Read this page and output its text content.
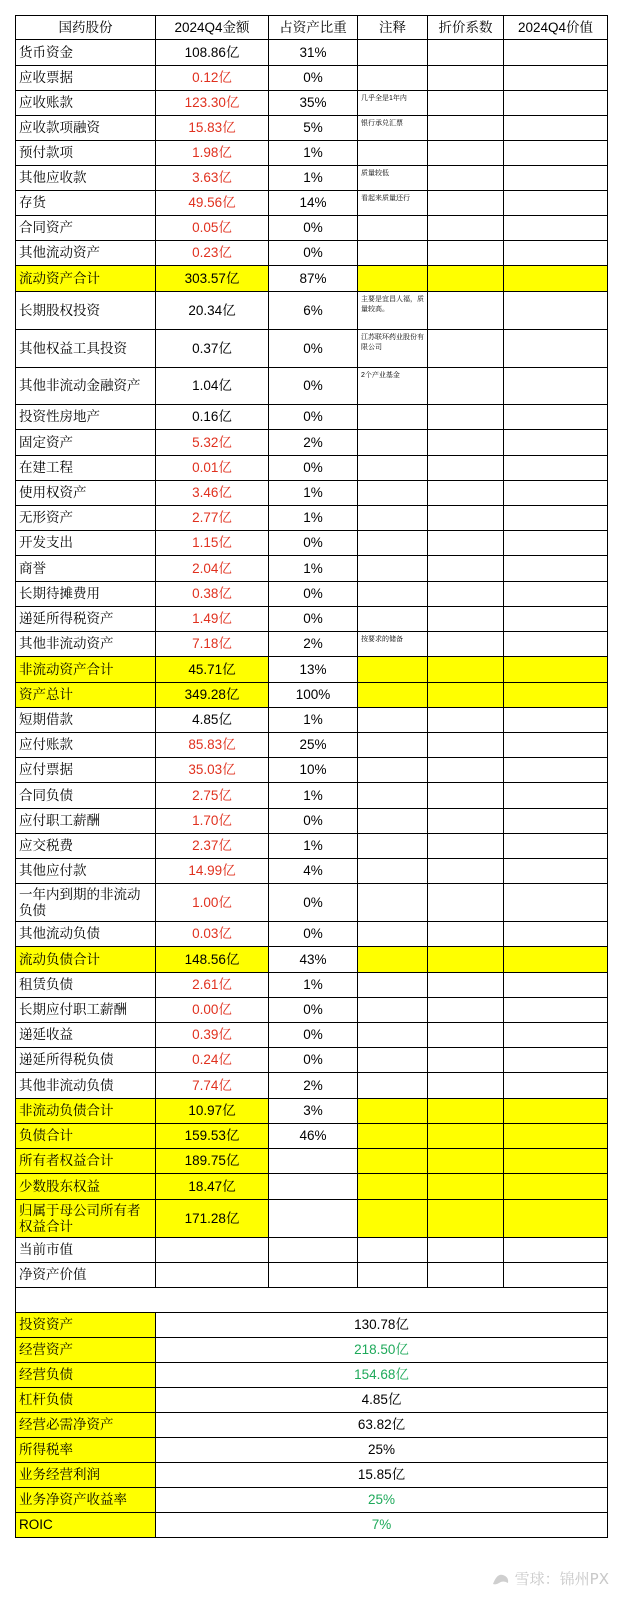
国药股份	2024Q4金额	占资产比重	注释	折价系数	2024Q4价值
货币资金	108.86亿	31%			
应收票据	0.12亿	0%			
应收账款	123.30亿	35%	几乎全是1年内		
应收款项融资	15.83亿	5%	银行承兑汇票		
预付款项	1.98亿	1%			
其他应收款	3.63亿	1%	质量较低		
存货	49.56亿	14%	看起来质量还行		
合同资产	0.05亿	0%			
其他流动资产	0.23亿	0%			
流动资产合计	303.57亿	87%			
长期股权投资	20.34亿	6%	主要是宜昌人福，质量较高。		
其他权益工具投资	0.37亿	0%	江苏联环药业股份有限公司		
其他非流动金融资产	1.04亿	0%	2个产业基金		
投资性房地产	0.16亿	0%			
固定资产	5.32亿	2%			
在建工程	0.01亿	0%			
使用权资产	3.46亿	1%			
无形资产	2.77亿	1%			
开发支出	1.15亿	0%			
商誉	2.04亿	1%			
长期待摊费用	0.38亿	0%			
递延所得税资产	1.49亿	0%			
其他非流动资产	7.18亿	2%	按要求的储备		
非流动资产合计	45.71亿	13%			
资产总计	349.28亿	100%			
短期借款	4.85亿	1%			
应付账款	85.83亿	25%			
应付票据	35.03亿	10%			
合同负债	2.75亿	1%			
应付职工薪酬	1.70亿	0%			
应交税费	2.37亿	1%			
其他应付款	14.99亿	4%			
一年内到期的非流动负债	1.00亿	0%			
其他流动负债	0.03亿	0%			
流动负债合计	148.56亿	43%			
租赁负债	2.61亿	1%			
长期应付职工薪酬	0.00亿	0%			
递延收益	0.39亿	0%			
递延所得税负债	0.24亿	0%			
其他非流动负债	7.74亿	2%			
非流动负债合计	10.97亿	3%			
负债合计	159.53亿	46%			
所有者权益合计	189.75亿				
少数股东权益	18.47亿				
归属于母公司所有者权益合计	171.28亿				
当前市值					
净资产价值					

投资资产	130.78亿				
经营资产	218.50亿				
经营负债	154.68亿				
杠杆负债	4.85亿				
经营必需净资产	63.82亿				
所得税率	25%				
业务经营利润	15.85亿				
业务净资产收益率	25%				
ROIC	7%				
雪球：锦州PX
